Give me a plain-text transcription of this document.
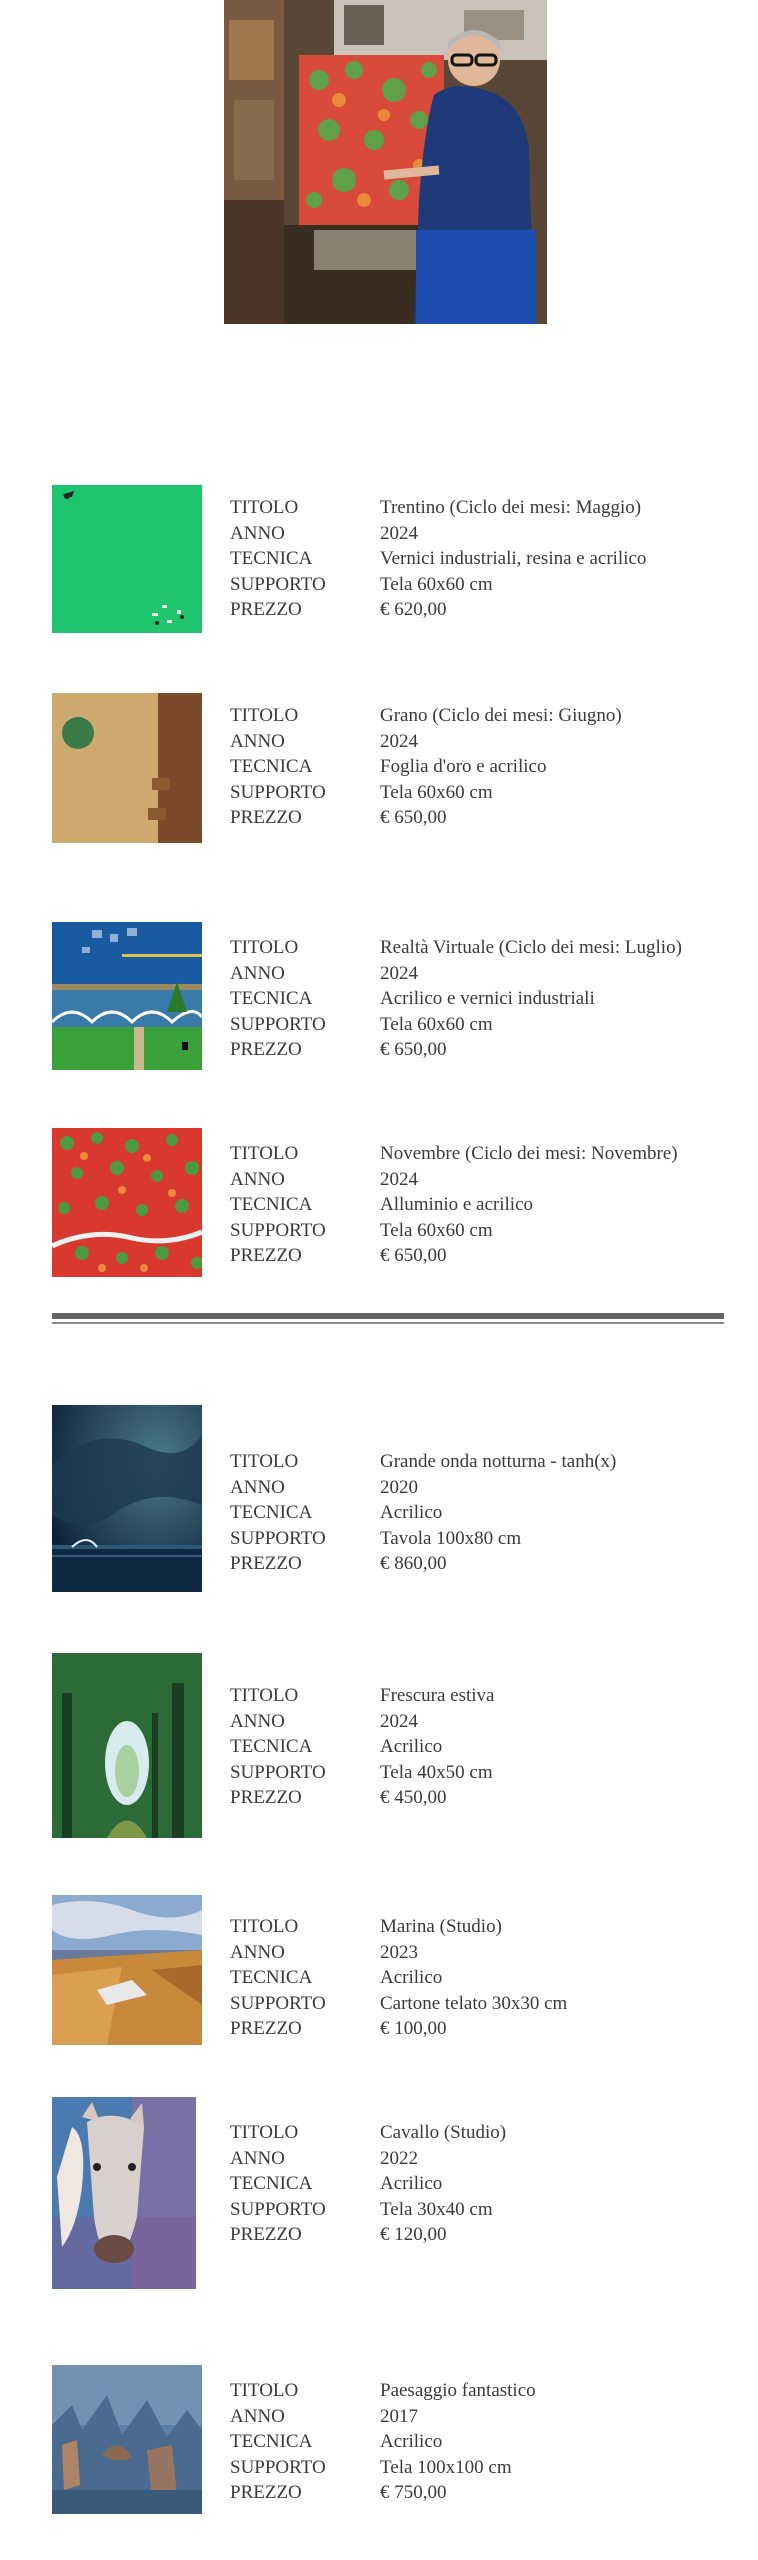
TITOLO	Trentino (Ciclo dei mesi: Maggio)
ANNO	2024
TECNICA	Vernici industriali, resina e acrilico
SUPPORTO	Tela 60x60 cm
PREZZO	€ 620,00
TITOLO	Grano (Ciclo dei mesi: Giugno)
ANNO	2024
TECNICA	Foglia d'oro e acrilico
SUPPORTO	Tela 60x60 cm
PREZZO	€ 650,00
TITOLO	Realtà Virtuale (Ciclo dei mesi: Luglio)
ANNO	2024
TECNICA	Acrilico e vernici industriali
SUPPORTO	Tela 60x60 cm
PREZZO	€ 650,00
TITOLO	Novembre (Ciclo dei mesi: Novembre)
ANNO	2024
TECNICA	Alluminio e acrilico
SUPPORTO	Tela 60x60 cm
PREZZO	€ 650,00
TITOLO	Grande onda notturna - tanh(x)
ANNO	2020
TECNICA	Acrilico
SUPPORTO	Tavola 100x80 cm
PREZZO	€ 860,00
TITOLO	Frescura estiva
ANNO	2024
TECNICA	Acrilico
SUPPORTO	Tela 40x50 cm
PREZZO	€ 450,00
TITOLO	Marina (Studio)
ANNO	2023
TECNICA	Acrilico
SUPPORTO	Cartone telato 30x30 cm
PREZZO	€ 100,00
TITOLO	Cavallo (Studio)
ANNO	2022
TECNICA	Acrilico
SUPPORTO	Tela 30x40 cm
PREZZO	€ 120,00
TITOLO	Paesaggio fantastico
ANNO	2017
TECNICA	Acrilico
SUPPORTO	Tela 100x100 cm
PREZZO	€ 750,00
